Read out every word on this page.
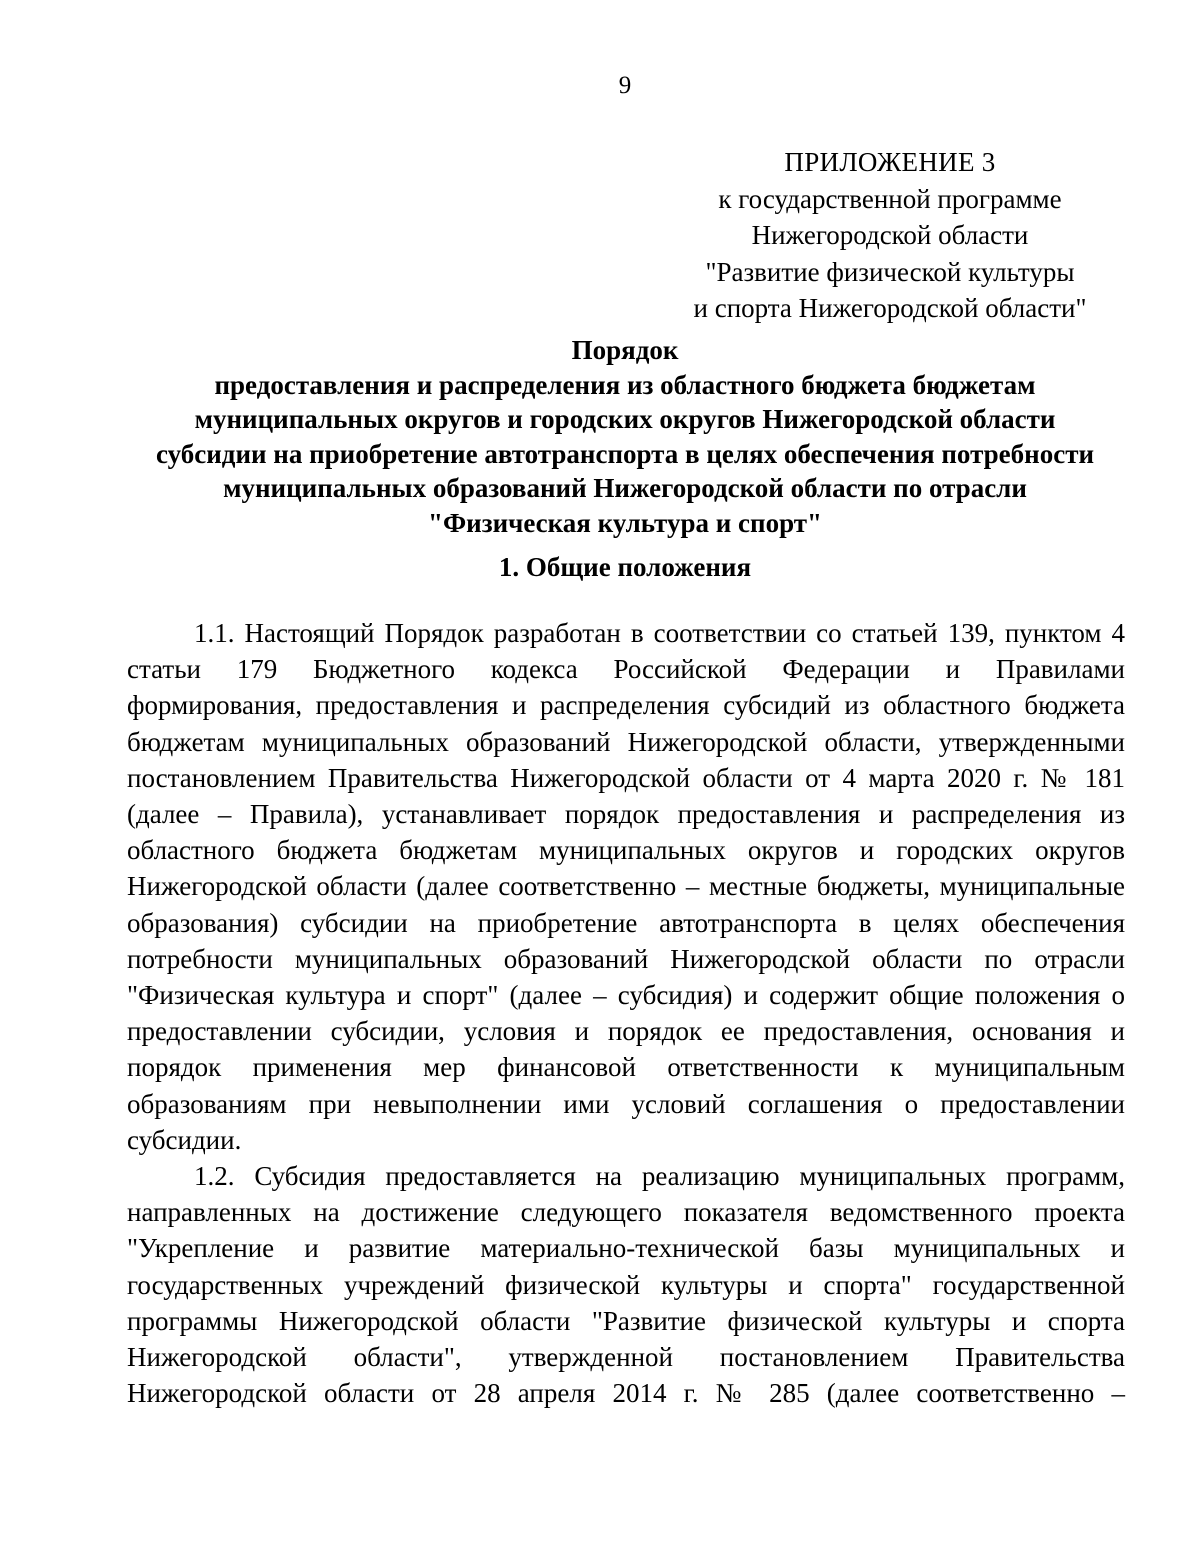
9
ПРИЛОЖЕНИЕ 3
к государственной программе
Нижегородской области
"Развитие физической культуры
и спорта Нижегородской области"
Порядок
предоставления и распределения из областного бюджета бюджетам
муниципальных округов и городских округов Нижегородской области
субсидии на приобретение автотранспорта в целях обеспечения потребности
муниципальных образований Нижегородской области по отрасли
"Физическая культура и спорт"
1. Общие положения
1.1. Настоящий Порядок разработан в соответствии со статьей 139, пунктом 4
статьи 179 Бюджетного кодекса Российской Федерации и Правилами
формирования, предоставления и распределения субсидий из областного бюджета
бюджетам муниципальных образований Нижегородской области, утвержденными
постановлением Правительства Нижегородской области от 4 марта 2020 г. № 181
(далее – Правила), устанавливает порядок предоставления и распределения из
областного бюджета бюджетам муниципальных округов и городских округов
Нижегородской области (далее соответственно – местные бюджеты, муниципальные
образования) субсидии на приобретение автотранспорта в целях обеспечения
потребности муниципальных образований Нижегородской области по отрасли
"Физическая культура и спорт" (далее – субсидия) и содержит общие положения о
предоставлении субсидии, условия и порядок ее предоставления, основания и
порядок применения мер финансовой ответственности к муниципальным
образованиям при невыполнении ими условий соглашения о предоставлении
субсидии.
1.2. Субсидия предоставляется на реализацию муниципальных программ,
направленных на достижение следующего показателя ведомственного проекта
"Укрепление и развитие материально-технической базы муниципальных и
государственных учреждений физической культуры и спорта" государственной
программы Нижегородской области "Развитие физической культуры и спорта
Нижегородской области", утвержденной постановлением Правительства
Нижегородской области от 28 апреля 2014 г. № 285 (далее соответственно –
